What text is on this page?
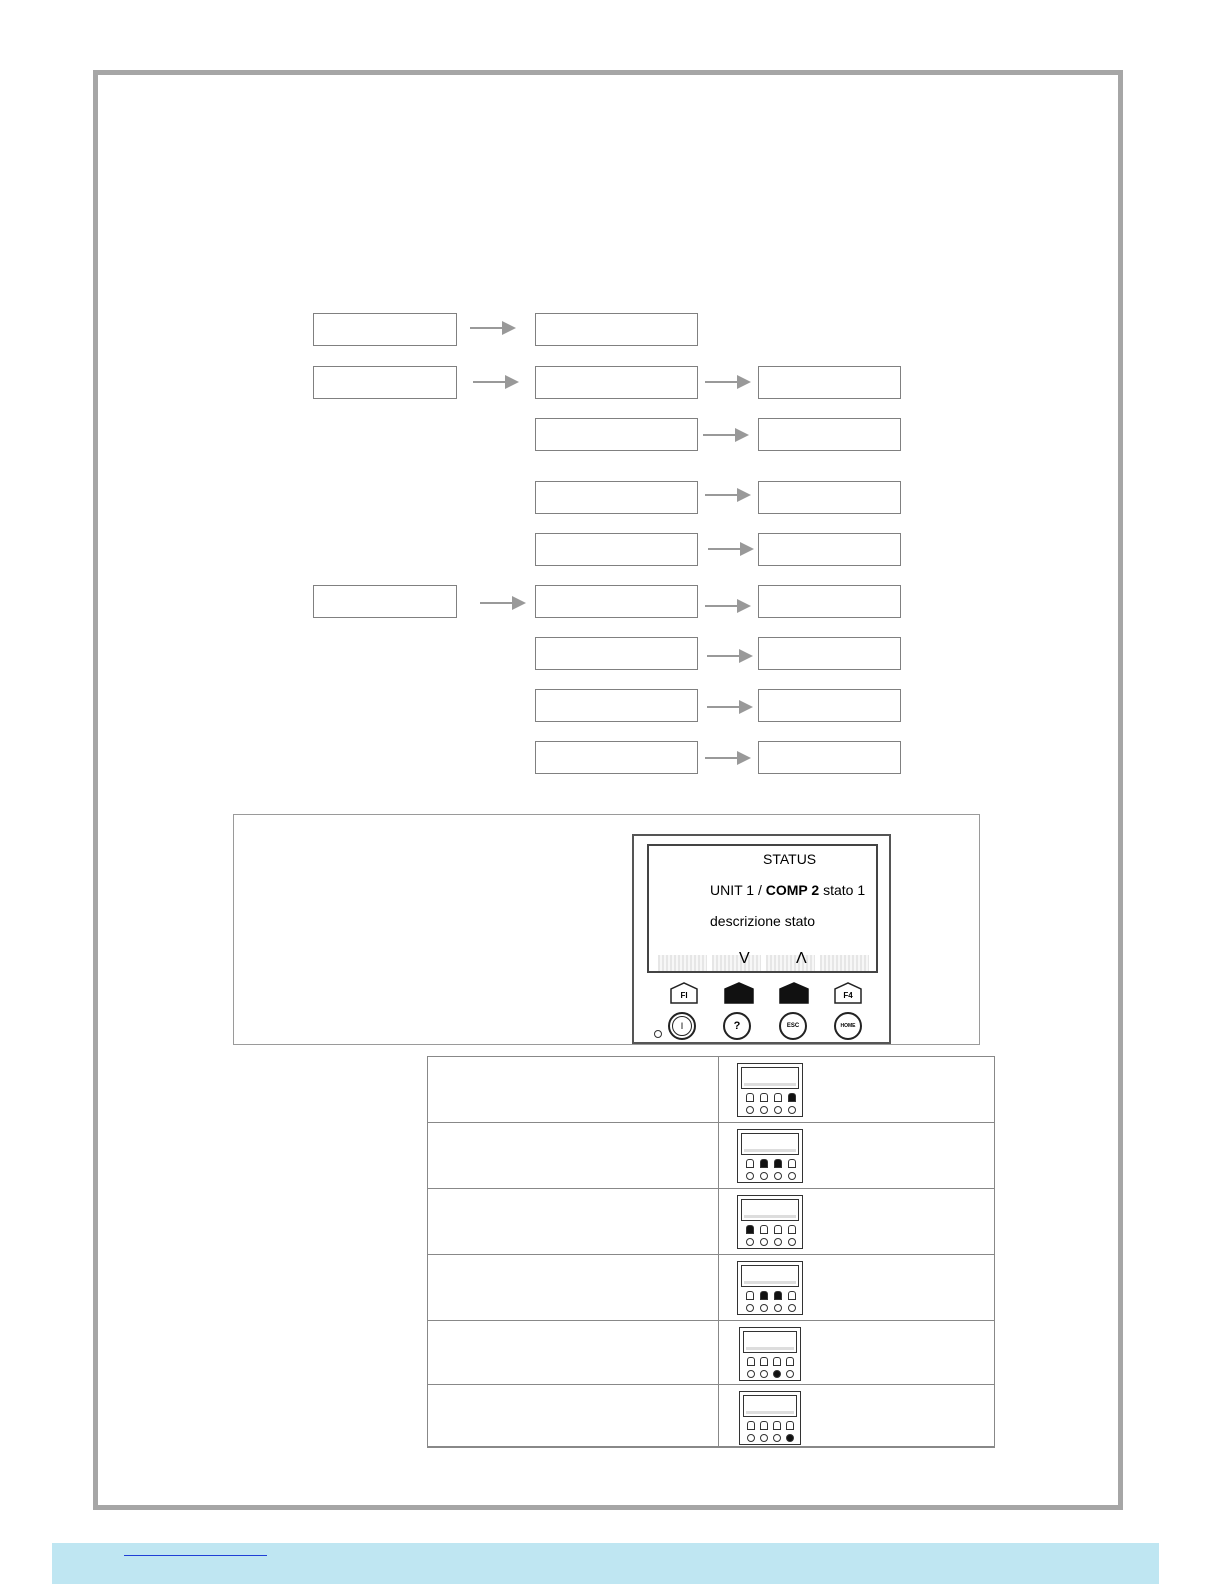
STATUS
UNIT 1 / COMP 2 stato 1
descrizione stato
V	Λ
FI	F4
I	?	ESC	HOME
